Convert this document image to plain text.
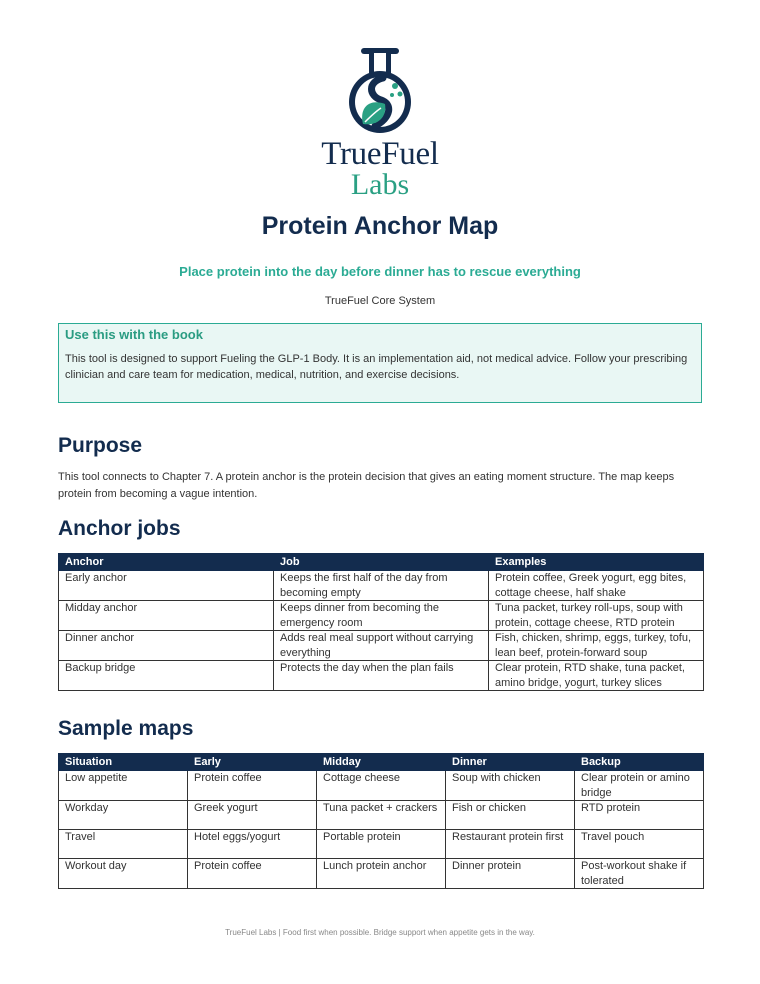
TrueFuel
Labs
Protein Anchor Map
Place protein into the day before dinner has to rescue everything
TrueFuel Core System
Use this with the book
This tool is designed to support Fueling the GLP-1 Body. It is an implementation aid, not medical advice. Follow your prescribing clinician and care team for medication, medical, nutrition, and exercise decisions.
Purpose
This tool connects to Chapter 7. A protein anchor is the protein decision that gives an eating moment structure. The map keeps protein from becoming a vague intention.
Anchor jobs
Anchor	Job	Examples
Early anchor	Keeps the first half of the day from becoming empty	Protein coffee, Greek yogurt, egg bites, cottage cheese, half shake
Midday anchor	Keeps dinner from becoming the emergency room	Tuna packet, turkey roll-ups, soup with protein, cottage cheese, RTD protein
Dinner anchor	Adds real meal support without carrying everything	Fish, chicken, shrimp, eggs, turkey, tofu, lean beef, protein-forward soup
Backup bridge	Protects the day when the plan fails	Clear protein, RTD shake, tuna packet, amino bridge, yogurt, turkey slices
Sample maps
Situation	Early	Midday	Dinner	Backup
Low appetite	Protein coffee	Cottage cheese	Soup with chicken	Clear protein or amino bridge
Workday	Greek yogurt	Tuna packet + crackers	Fish or chicken	RTD protein
Travel	Hotel eggs/yogurt	Portable protein	Restaurant protein first	Travel pouch
Workout day	Protein coffee	Lunch protein anchor	Dinner protein	Post-workout shake if tolerated
TrueFuel Labs | Food first when possible. Bridge support when appetite gets in the way.
